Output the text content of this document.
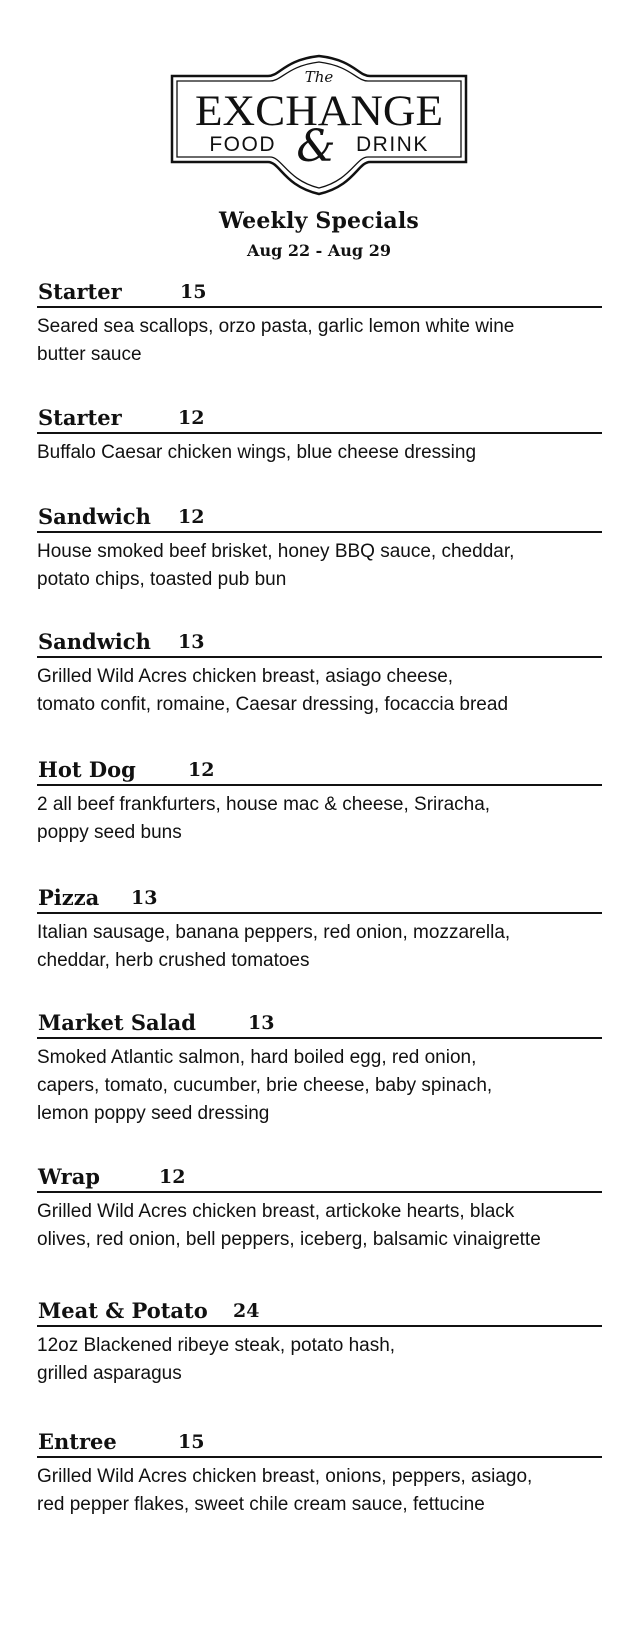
The
EXCHANGE
FOOD & DRINK
Weekly Specials
Aug 22 - Aug 29
Starter	15
Seared sea scallops, orzo pasta, garlic lemon white wine
butter sauce
Starter	12
Buffalo Caesar chicken wings, blue cheese dressing
Sandwich 12
House smoked beef brisket, honey BBQ sauce, cheddar,
potato chips, toasted pub bun
Sandwich 13
Grilled Wild Acres chicken breast, asiago cheese,
tomato confit, romaine, Caesar dressing, focaccia bread
Hot Dog	12
2 all beef frankfurters, house mac & cheese, Sriracha,
poppy seed buns
Pizza 13
Italian sausage, banana peppers, red onion, mozzarella,
cheddar, herb crushed tomatoes
Market Salad	13
Smoked Atlantic salmon, hard boiled egg, red onion,
capers, tomato, cucumber, brie cheese, baby spinach,
lemon poppy seed dressing
Wrap	12
Grilled Wild Acres chicken breast, artickoke hearts, black
olives, red onion, bell peppers, iceberg, balsamic vinaigrette
Meat & Potato 24
12oz Blackened ribeye steak, potato hash,
grilled asparagus
Entree	15
Grilled Wild Acres chicken breast, onions, peppers, asiago,
red pepper flakes, sweet chile cream sauce, fettucine
